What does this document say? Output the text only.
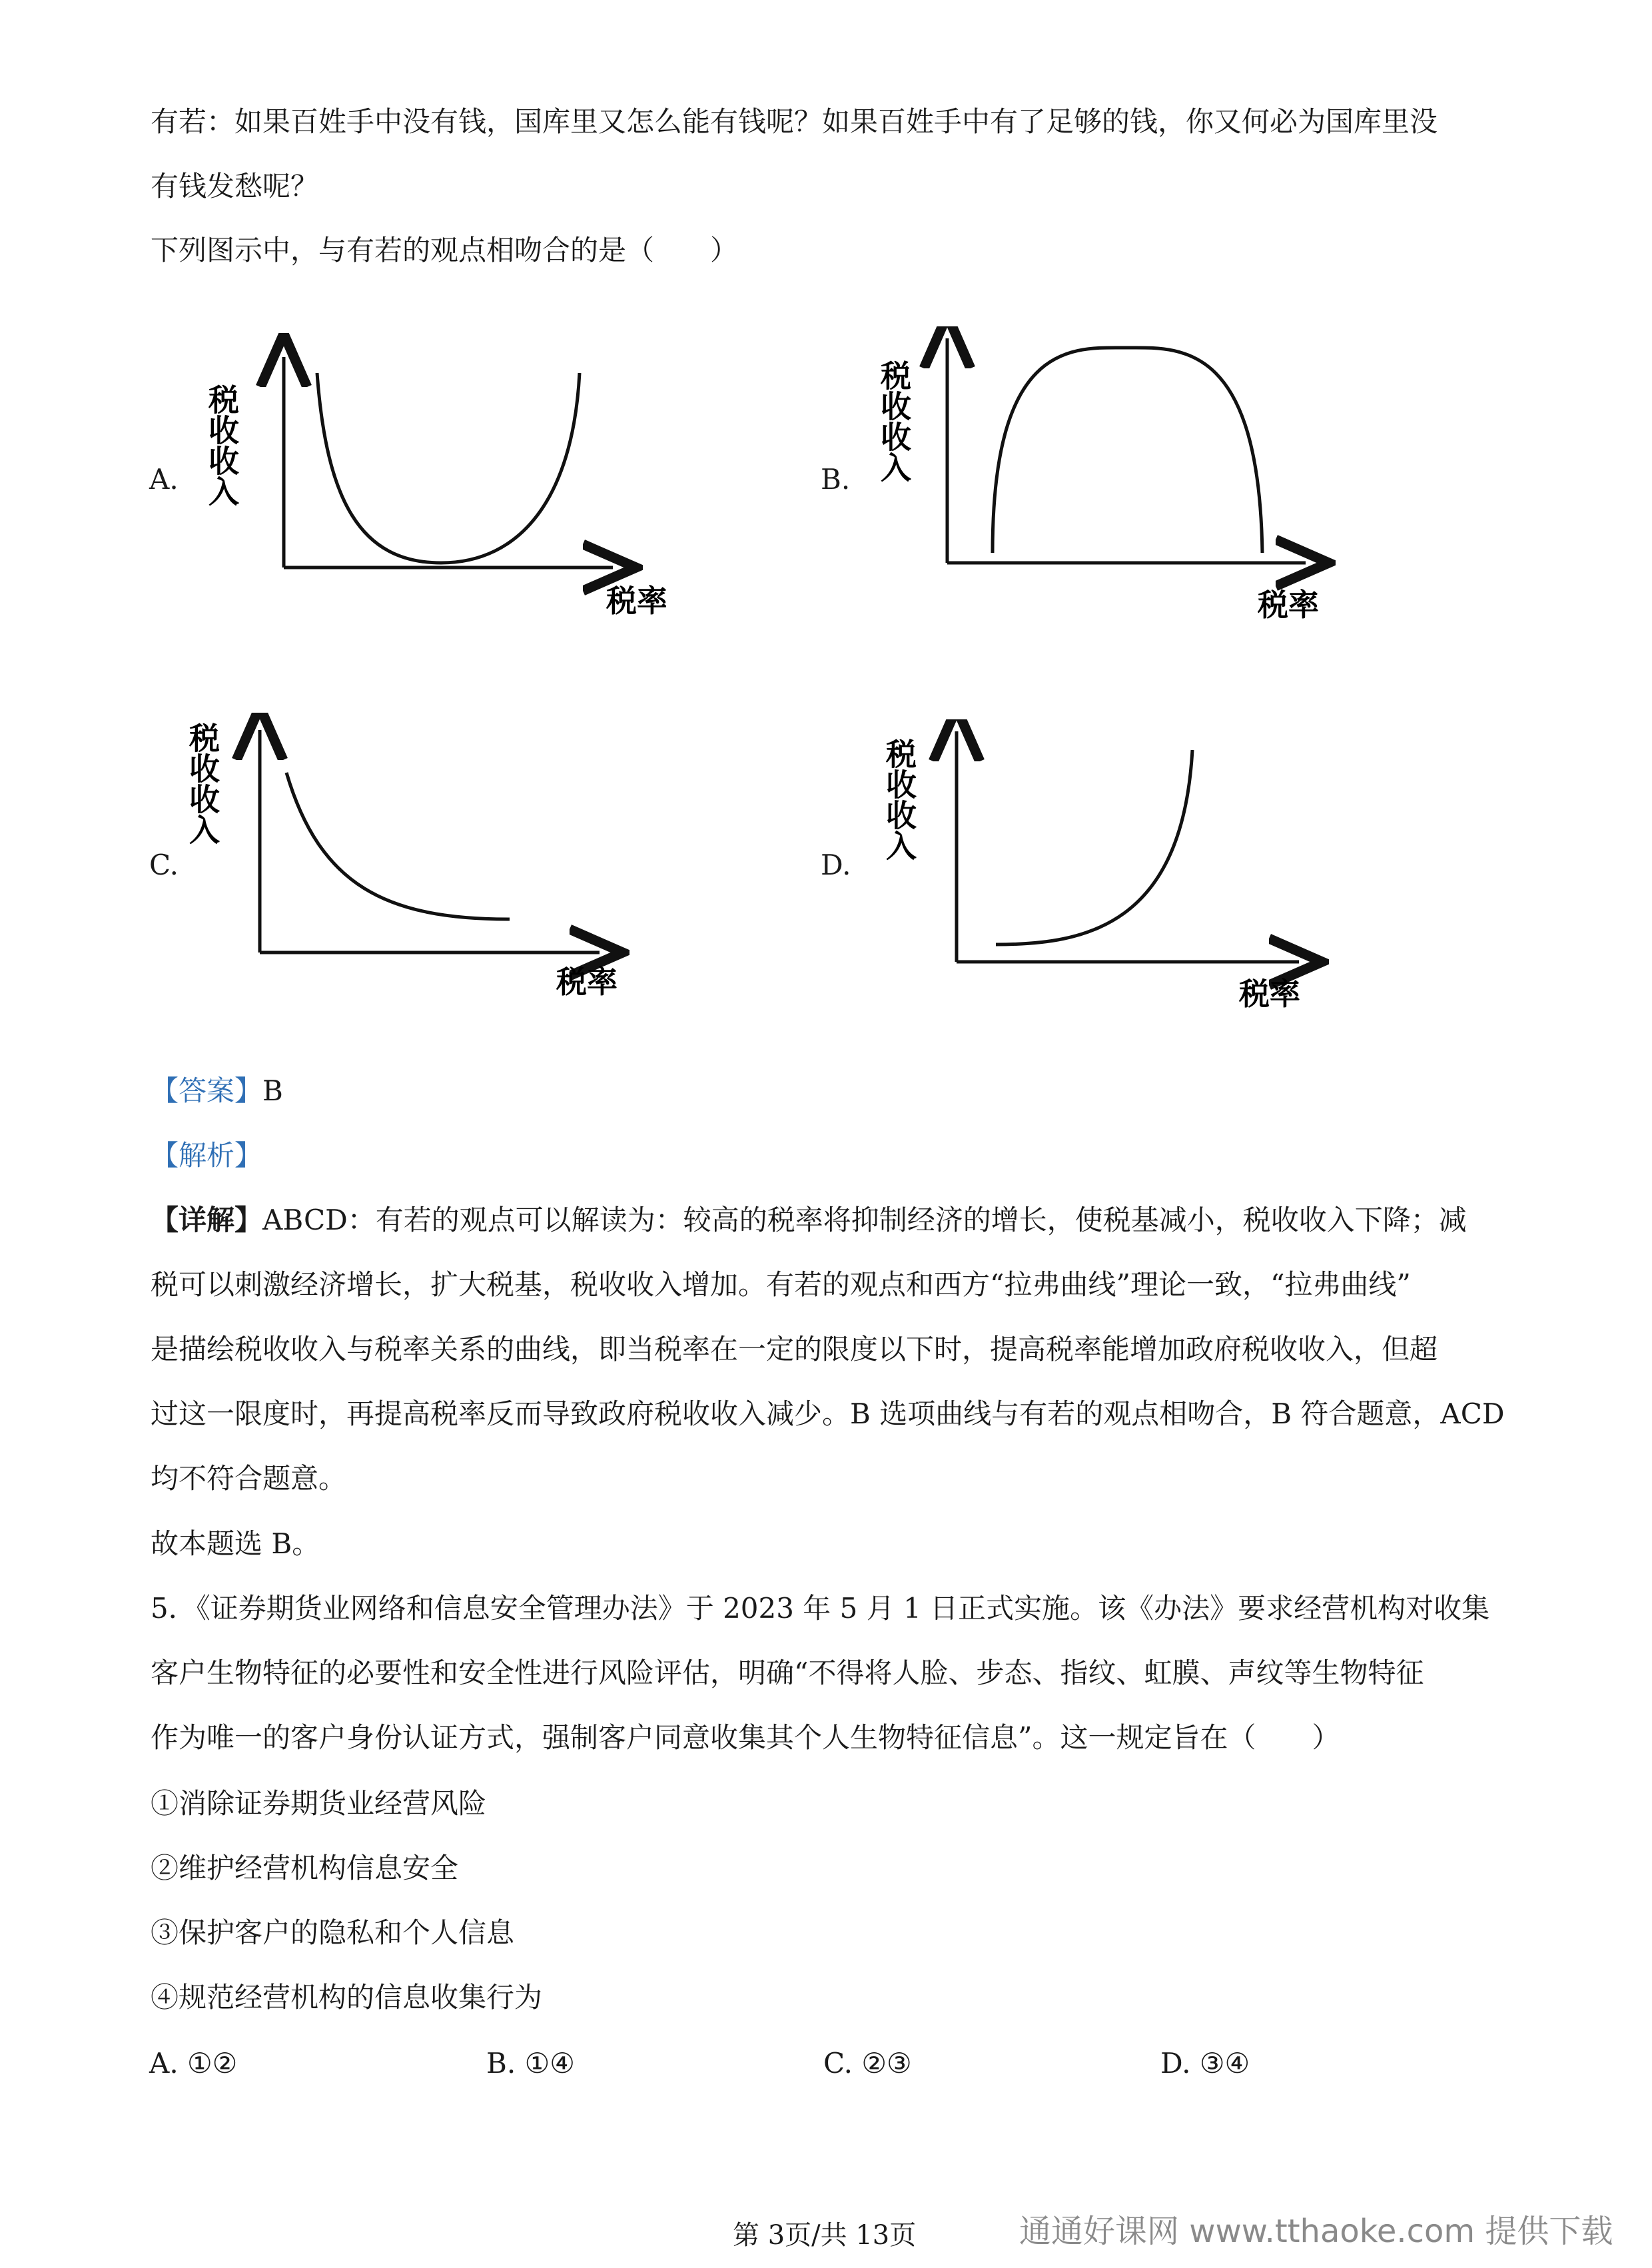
有若：如果百姓手中没有钱，国库里又怎么能有钱呢？如果百姓手中有了足够的钱，你又何必为国库里没
有钱发愁呢？
下列图示中，与有若的观点相吻合的是（　　）
A.	B.
C.	D.
税收收入
税率
税收收入
税率
税收收入
税率
税收收入
税率
【答案】B
【解析】
【详解】ABCD：有若的观点可以解读为：较高的税率将抑制经济的增长，使税基减小，税收收入下降；减
税可以刺激经济增长，扩大税基，税收收入增加。有若的观点和西方“拉弗曲线”理论一致，“拉弗曲线”
是描绘税收收入与税率关系的曲线，即当税率在一定的限度以下时，提高税率能增加政府税收收入，但超
过这一限度时，再提高税率反而导致政府税收收入减少。B 选项曲线与有若的观点相吻合，B 符合题意，ACD
均不符合题意。
故本题选 B。
5．《证券期货业网络和信息安全管理办法》于 2023 年 5 月 1 日正式实施。该《办法》要求经营机构对收集
客户生物特征的必要性和安全性进行风险评估，明确“不得将人脸、步态、指纹、虹膜、声纹等生物特征
作为唯一的客户身份认证方式，强制客户同意收集其个人生物特征信息”。这一规定旨在（　　）
①消除证券期货业经营风险
②维护经营机构信息安全
③保护客户的隐私和个人信息
④规范经营机构的信息收集行为
A. ①②	B. ①④	C. ②③	D. ③④
第 3页/共 13页	通通好课网 www.tthaoke.com 提供下载
